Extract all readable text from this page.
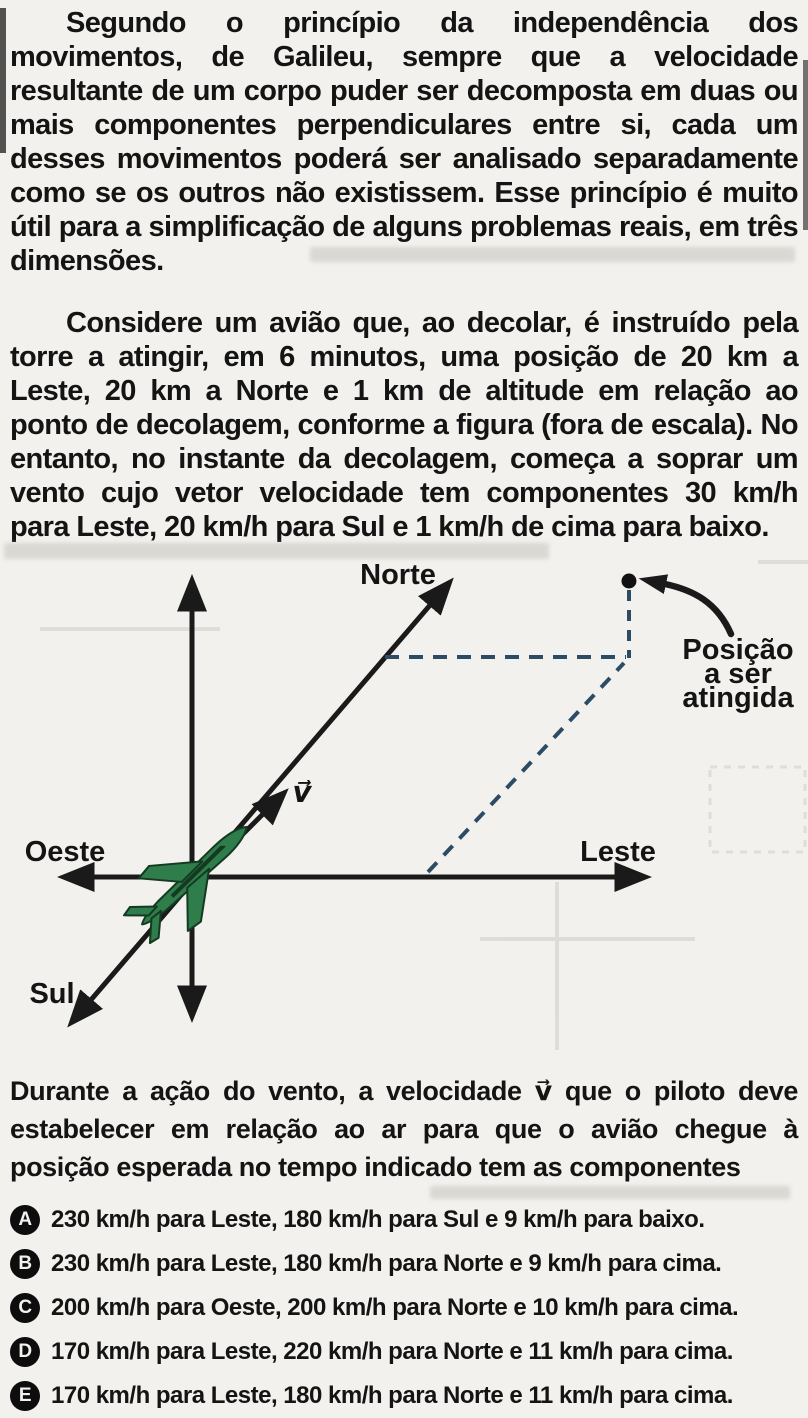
Segundo o princípio da independência dos movimentos, de Galileu, sempre que a velocidade resultante de um corpo puder ser decomposta em duas ou mais componentes perpendiculares entre si, cada um desses movimentos poderá ser analisado separadamente como se os outros não existissem. Esse princípio é muito útil para a simplificação de alguns problemas reais, em três dimensões.

Considere um avião que, ao decolar, é instruído pela torre a atingir, em 6 minutos, uma posição de 20 km a Leste, 20 km a Norte e 1 km de altitude em relação ao ponto de decolagem, conforme a figura (fora de escala). No entanto, no instante da decolagem, começa a soprar um vento cujo vetor velocidade tem componentes 30 km/h para Leste, 20 km/h para Sul e 1 km/h de cima para baixo.

Norte
Sul
Oeste	Leste
v⃗
Posição
a ser
atingida

Durante a ação do vento, a velocidade v⃗ que o piloto deve estabelecer em relação ao ar para que o avião chegue à posição esperada no tempo indicado tem as componentes

A 230 km/h para Leste, 180 km/h para Sul e 9 km/h para baixo.
B 230 km/h para Leste, 180 km/h para Norte e 9 km/h para cima.
C 200 km/h para Oeste, 200 km/h para Norte e 10 km/h para cima.
D 170 km/h para Leste, 220 km/h para Norte e 11 km/h para cima.
E 170 km/h para Leste, 180 km/h para Norte e 11 km/h para cima.
